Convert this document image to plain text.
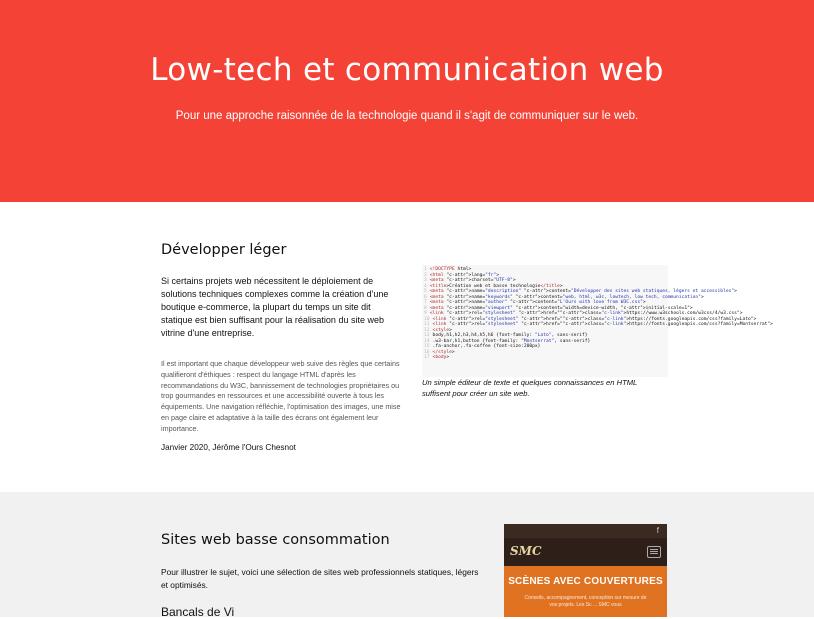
Low-tech et communication web

Pour une approche raisonnée de la technologie quand il s'agit de communiquer sur le web.

Développer léger

Si certains projets web nécessitent le déploiement de solutions techniques complexes comme la création d'une boutique e-commerce, la plupart du temps un site dit statique est bien suffisant pour la réalisation du site web vitrine d'une entreprise.

Il est important que chaque développeur web suive des règles que certains qualifieront d'éthiques : respect du langage HTML d'après les recommandations du W3C, bannissement de technologies propriétaires ou trop gourmandes en ressources et une accessibilité ouverte à tous les équipements. Une navigation réfléchie, l'optimisation des images, une mise en page claire et adaptative à la taille des écrans ont également leur importance.

Janvier 2020, Jérôme l'Ours Chesnot

1 <!DOCTYPE html>
2 <html "c-attr">lang="fr">
3 <meta "c-attr">charset="UTF-8">
4 <title>Création web et basse technologie</title>
5 <meta "c-attr">name="description" "c-attr">content="Développer des sites web statiques, légers et accessibles">
6 <meta "c-attr">name="keywords" "c-attr">content="web, html, w3c, lowtech, low tech, communication">
7 <meta "c-attr">name="author" "c-attr">content="L'Ours with love from W3C.css">
8 <meta "c-attr">name="viewport" "c-attr">content="width=device-width, "c-attr">initial-scale=1">
9 <link "c-attr">rel="stylesheet" "c-attr">href=""c-attr">class="c-link">https://www.w3schools.com/w3css/4/w3.css">
10 <link "c-attr">rel="stylesheet" "c-attr">href=""c-attr">class="c-link">https://fonts.googleapis.com/css?family=Lato">
11 <link "c-attr">rel="stylesheet" "c-attr">href=""c-attr">class="c-link">https://fonts.googleapis.com/css?family=Montserrat">
12 <style>
13 body,h1,h2,h3,h4,h5,h6 {font-family: "Lato", sans-serif}
14 .w3-bar,h1,button {font-family: "Montserrat", sans-serif}
15 .fa-anchor,.fa-coffee {font-size:200px}
16 </style>
17 <body>

Un simple éditeur de texte et quelques connaissances en HTML suffisent pour créer un site web.

Sites web basse consommation

Pour illustrer le sujet, voici une sélection de sites web professionnels statiques, légers et optimisés.

Bancals de Vi
f
SMC
SCÈNES AVEC COUVERTURES
Conseils, accompagnement, conception sur mesure de vos projets. Les Sc ... SMC vous
